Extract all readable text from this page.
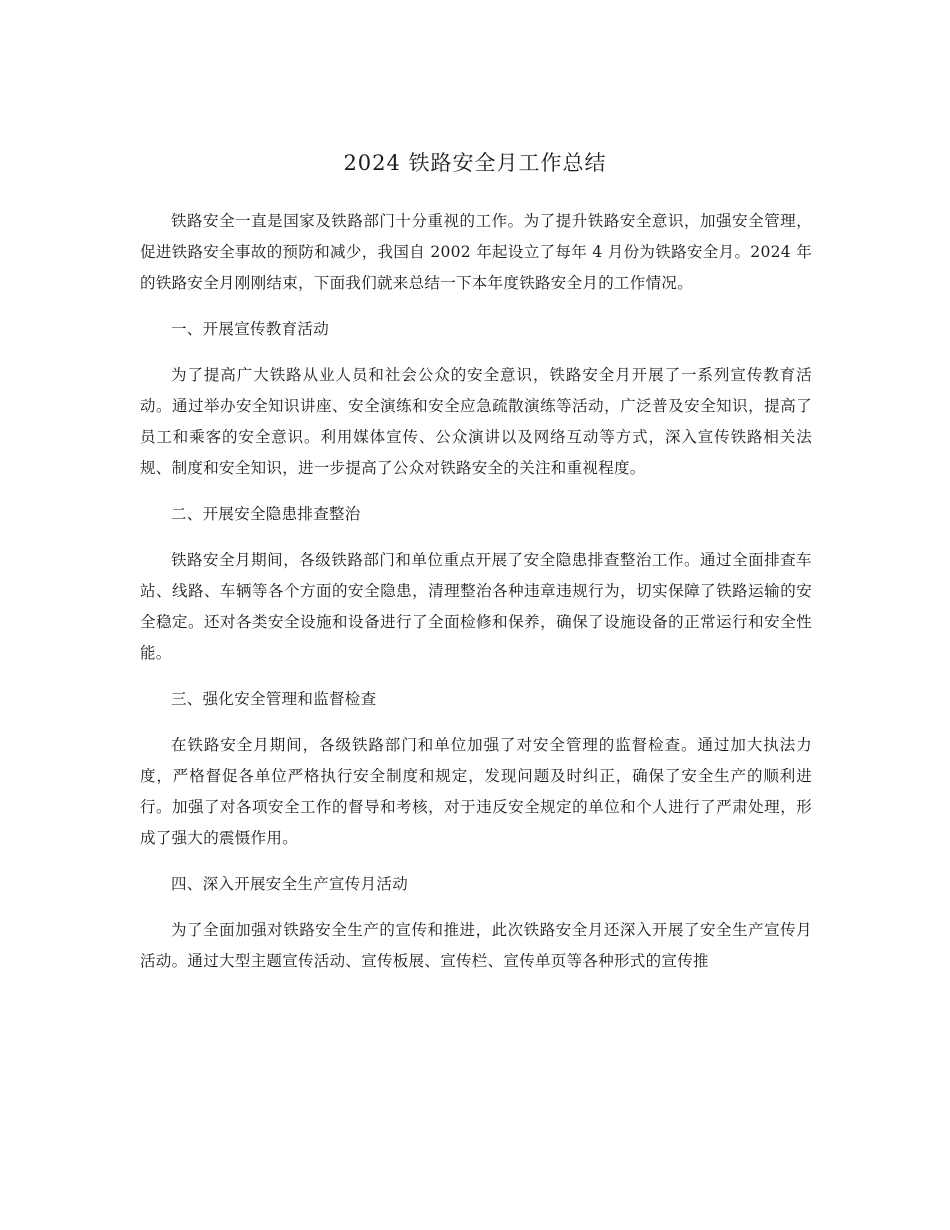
2024 铁路安全月工作总结

铁路安全一直是国家及铁路部门十分重视的工作。为了提升铁路安全意识，加强安全管理，促进铁路安全事故的预防和减少，我国自 2002 年起设立了每年 4 月份为铁路安全月。2024 年的铁路安全月刚刚结束，下面我们就来总结一下本年度铁路安全月的工作情况。

一、开展宣传教育活动

为了提高广大铁路从业人员和社会公众的安全意识，铁路安全月开展了一系列宣传教育活动。通过举办安全知识讲座、安全演练和安全应急疏散演练等活动，广泛普及安全知识，提高了员工和乘客的安全意识。利用媒体宣传、公众演讲以及网络互动等方式，深入宣传铁路相关法规、制度和安全知识，进一步提高了公众对铁路安全的关注和重视程度。

二、开展安全隐患排查整治

铁路安全月期间，各级铁路部门和单位重点开展了安全隐患排查整治工作。通过全面排查车站、线路、车辆等各个方面的安全隐患，清理整治各种违章违规行为，切实保障了铁路运输的安全稳定。还对各类安全设施和设备进行了全面检修和保养，确保了设施设备的正常运行和安全性能。

三、强化安全管理和监督检查

在铁路安全月期间，各级铁路部门和单位加强了对安全管理的监督检查。通过加大执法力度，严格督促各单位严格执行安全制度和规定，发现问题及时纠正，确保了安全生产的顺利进行。加强了对各项安全工作的督导和考核，对于违反安全规定的单位和个人进行了严肃处理，形成了强大的震慑作用。

四、深入开展安全生产宣传月活动

为了全面加强对铁路安全生产的宣传和推进，此次铁路安全月还深入开展了安全生产宣传月活动。通过大型主题宣传活动、宣传板展、宣传栏、宣传单页等各种形式的宣传推
